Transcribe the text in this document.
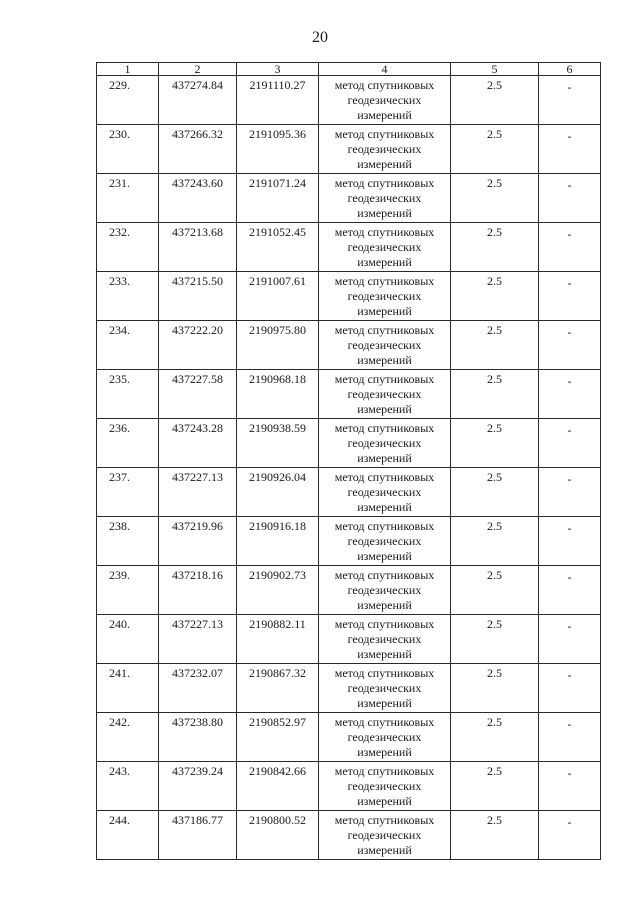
20
1	2	3	4	5	6
229.	437274.84	2191110.27	метод спутниковых
геодезических
измерений	2.5	-
230.	437266.32	2191095.36	метод спутниковых
геодезических
измерений	2.5	-
231.	437243.60	2191071.24	метод спутниковых
геодезических
измерений	2.5	-
232.	437213.68	2191052.45	метод спутниковых
геодезических
измерений	2.5	-
233.	437215.50	2191007.61	метод спутниковых
геодезических
измерений	2.5	-
234.	437222.20	2190975.80	метод спутниковых
геодезических
измерений	2.5	-
235.	437227.58	2190968.18	метод спутниковых
геодезических
измерений	2.5	-
236.	437243.28	2190938.59	метод спутниковых
геодезических
измерений	2.5	-
237.	437227.13	2190926.04	метод спутниковых
геодезических
измерений	2.5	-
238.	437219.96	2190916.18	метод спутниковых
геодезических
измерений	2.5	-
239.	437218.16	2190902.73	метод спутниковых
геодезических
измерений	2.5	-
240.	437227.13	2190882.11	метод спутниковых
геодезических
измерений	2.5	-
241.	437232.07	2190867.32	метод спутниковых
геодезических
измерений	2.5	-
242.	437238.80	2190852.97	метод спутниковых
геодезических
измерений	2.5	-
243.	437239.24	2190842.66	метод спутниковых
геодезических
измерений	2.5	-
244.	437186.77	2190800.52	метод спутниковых
геодезических
измерений	2.5	-
